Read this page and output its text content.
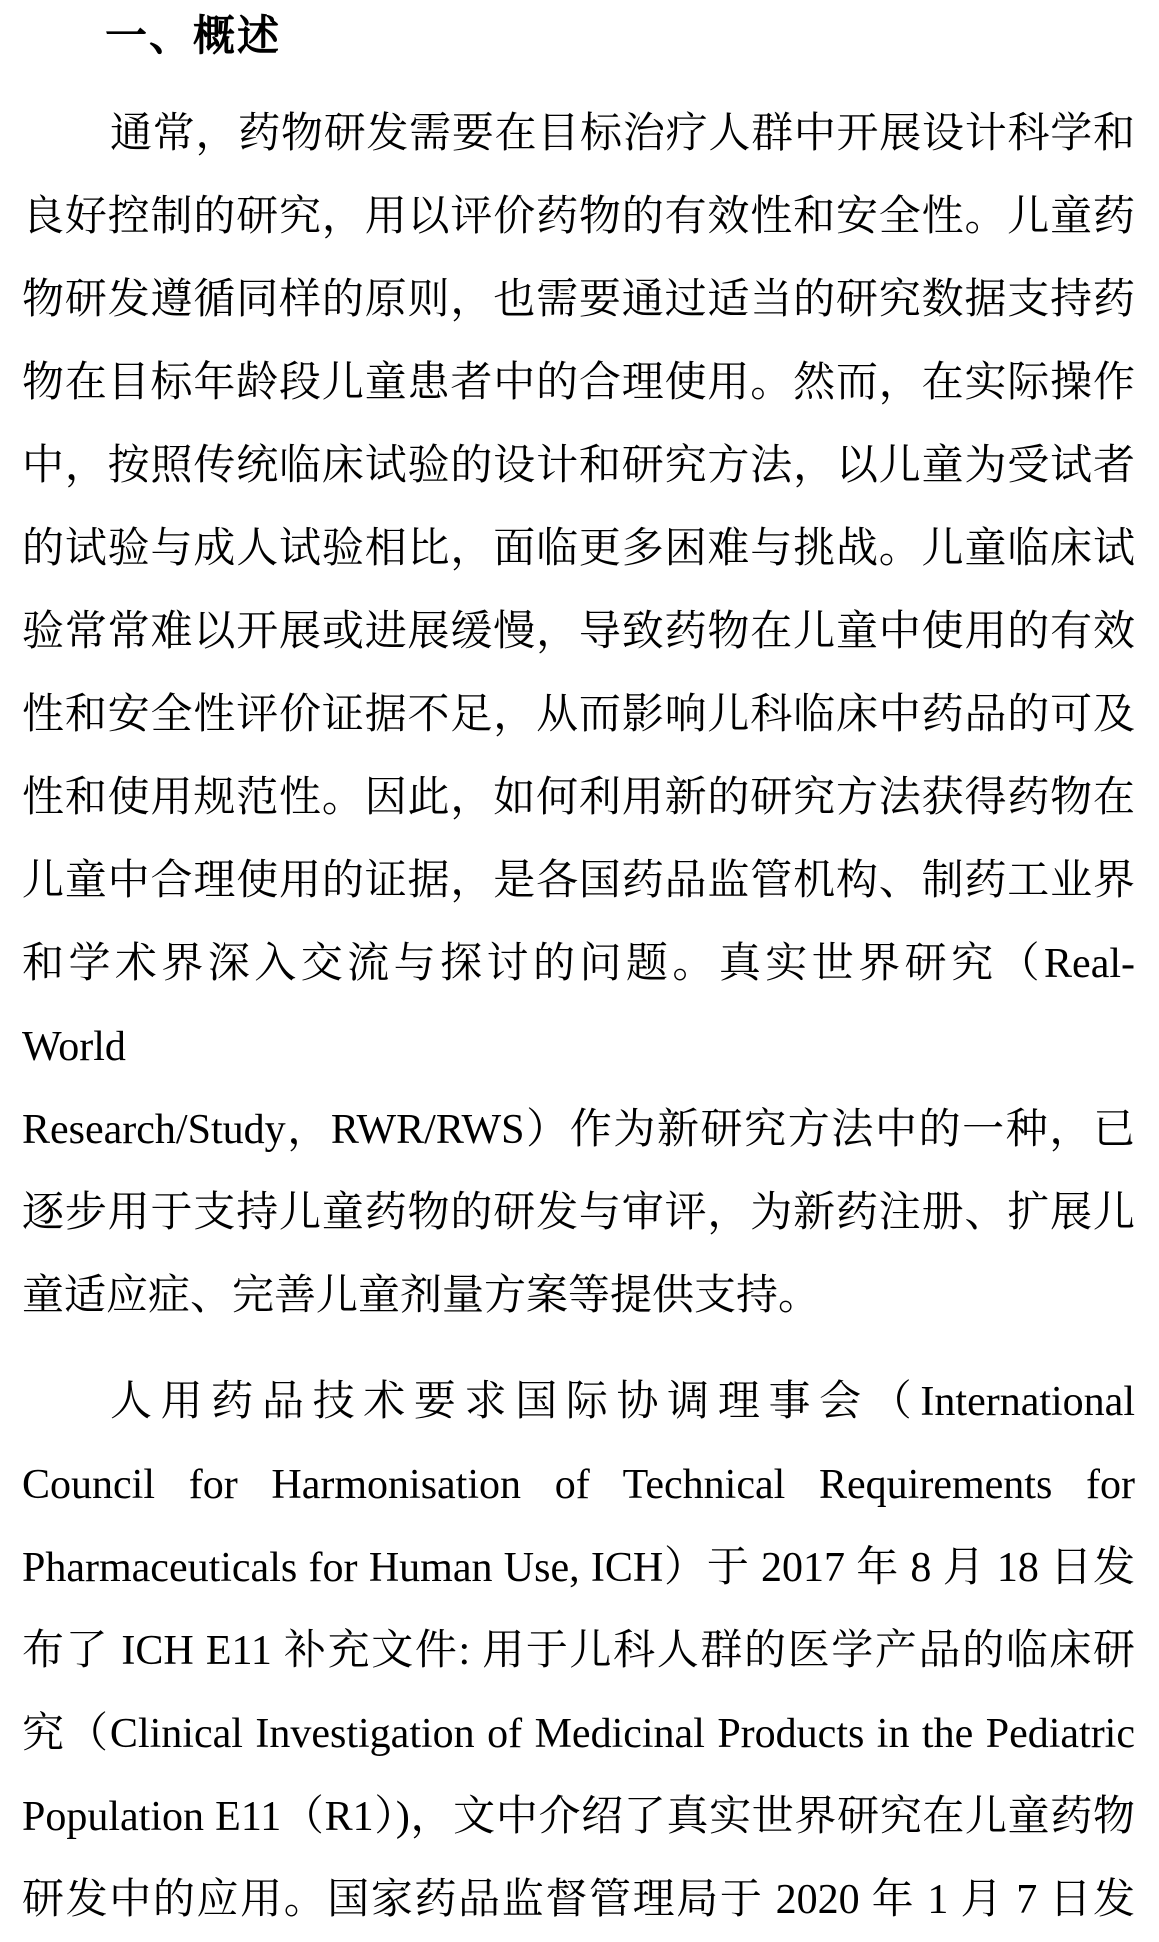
一、概述
通常，药物研发需要在目标治疗人群中开展设计科学和
良好控制的研究，用以评价药物的有效性和安全性。儿童药
物研发遵循同样的原则，也需要通过适当的研究数据支持药
物在目标年龄段儿童患者中的合理使用。然而，在实际操作
中，按照传统临床试验的设计和研究方法，以儿童为受试者
的试验与成人试验相比，面临更多困难与挑战。儿童临床试
验常常难以开展或进展缓慢，导致药物在儿童中使用的有效
性和安全性评价证据不足，从而影响儿科临床中药品的可及
性和使用规范性。因此，如何利用新的研究方法获得药物在
儿童中合理使用的证据，是各国药品监管机构、制药工业界
和学术界深入交流与探讨的问题。真实世界研究（Real-World
Research/Study，RWR/RWS）作为新研究方法中的一种，已
逐步用于支持儿童药物的研发与审评，为新药注册、扩展儿
童适应症、完善儿童剂量方案等提供支持。
人用药品技术要求国际协调理事会（International
Council for Harmonisation of Technical Requirements for
Pharmaceuticals for Human Use, ICH）于 2017 年 8 月 18 日发
布了 ICH E11 补充文件: 用于儿科人群的医学产品的临床研
究（Clinical Investigation of Medicinal Products in the Pediatric
Population E11（R1）)，文中介绍了真实世界研究在儿童药物
研发中的应用。国家药品监督管理局于 2020 年 1 月 7 日发
